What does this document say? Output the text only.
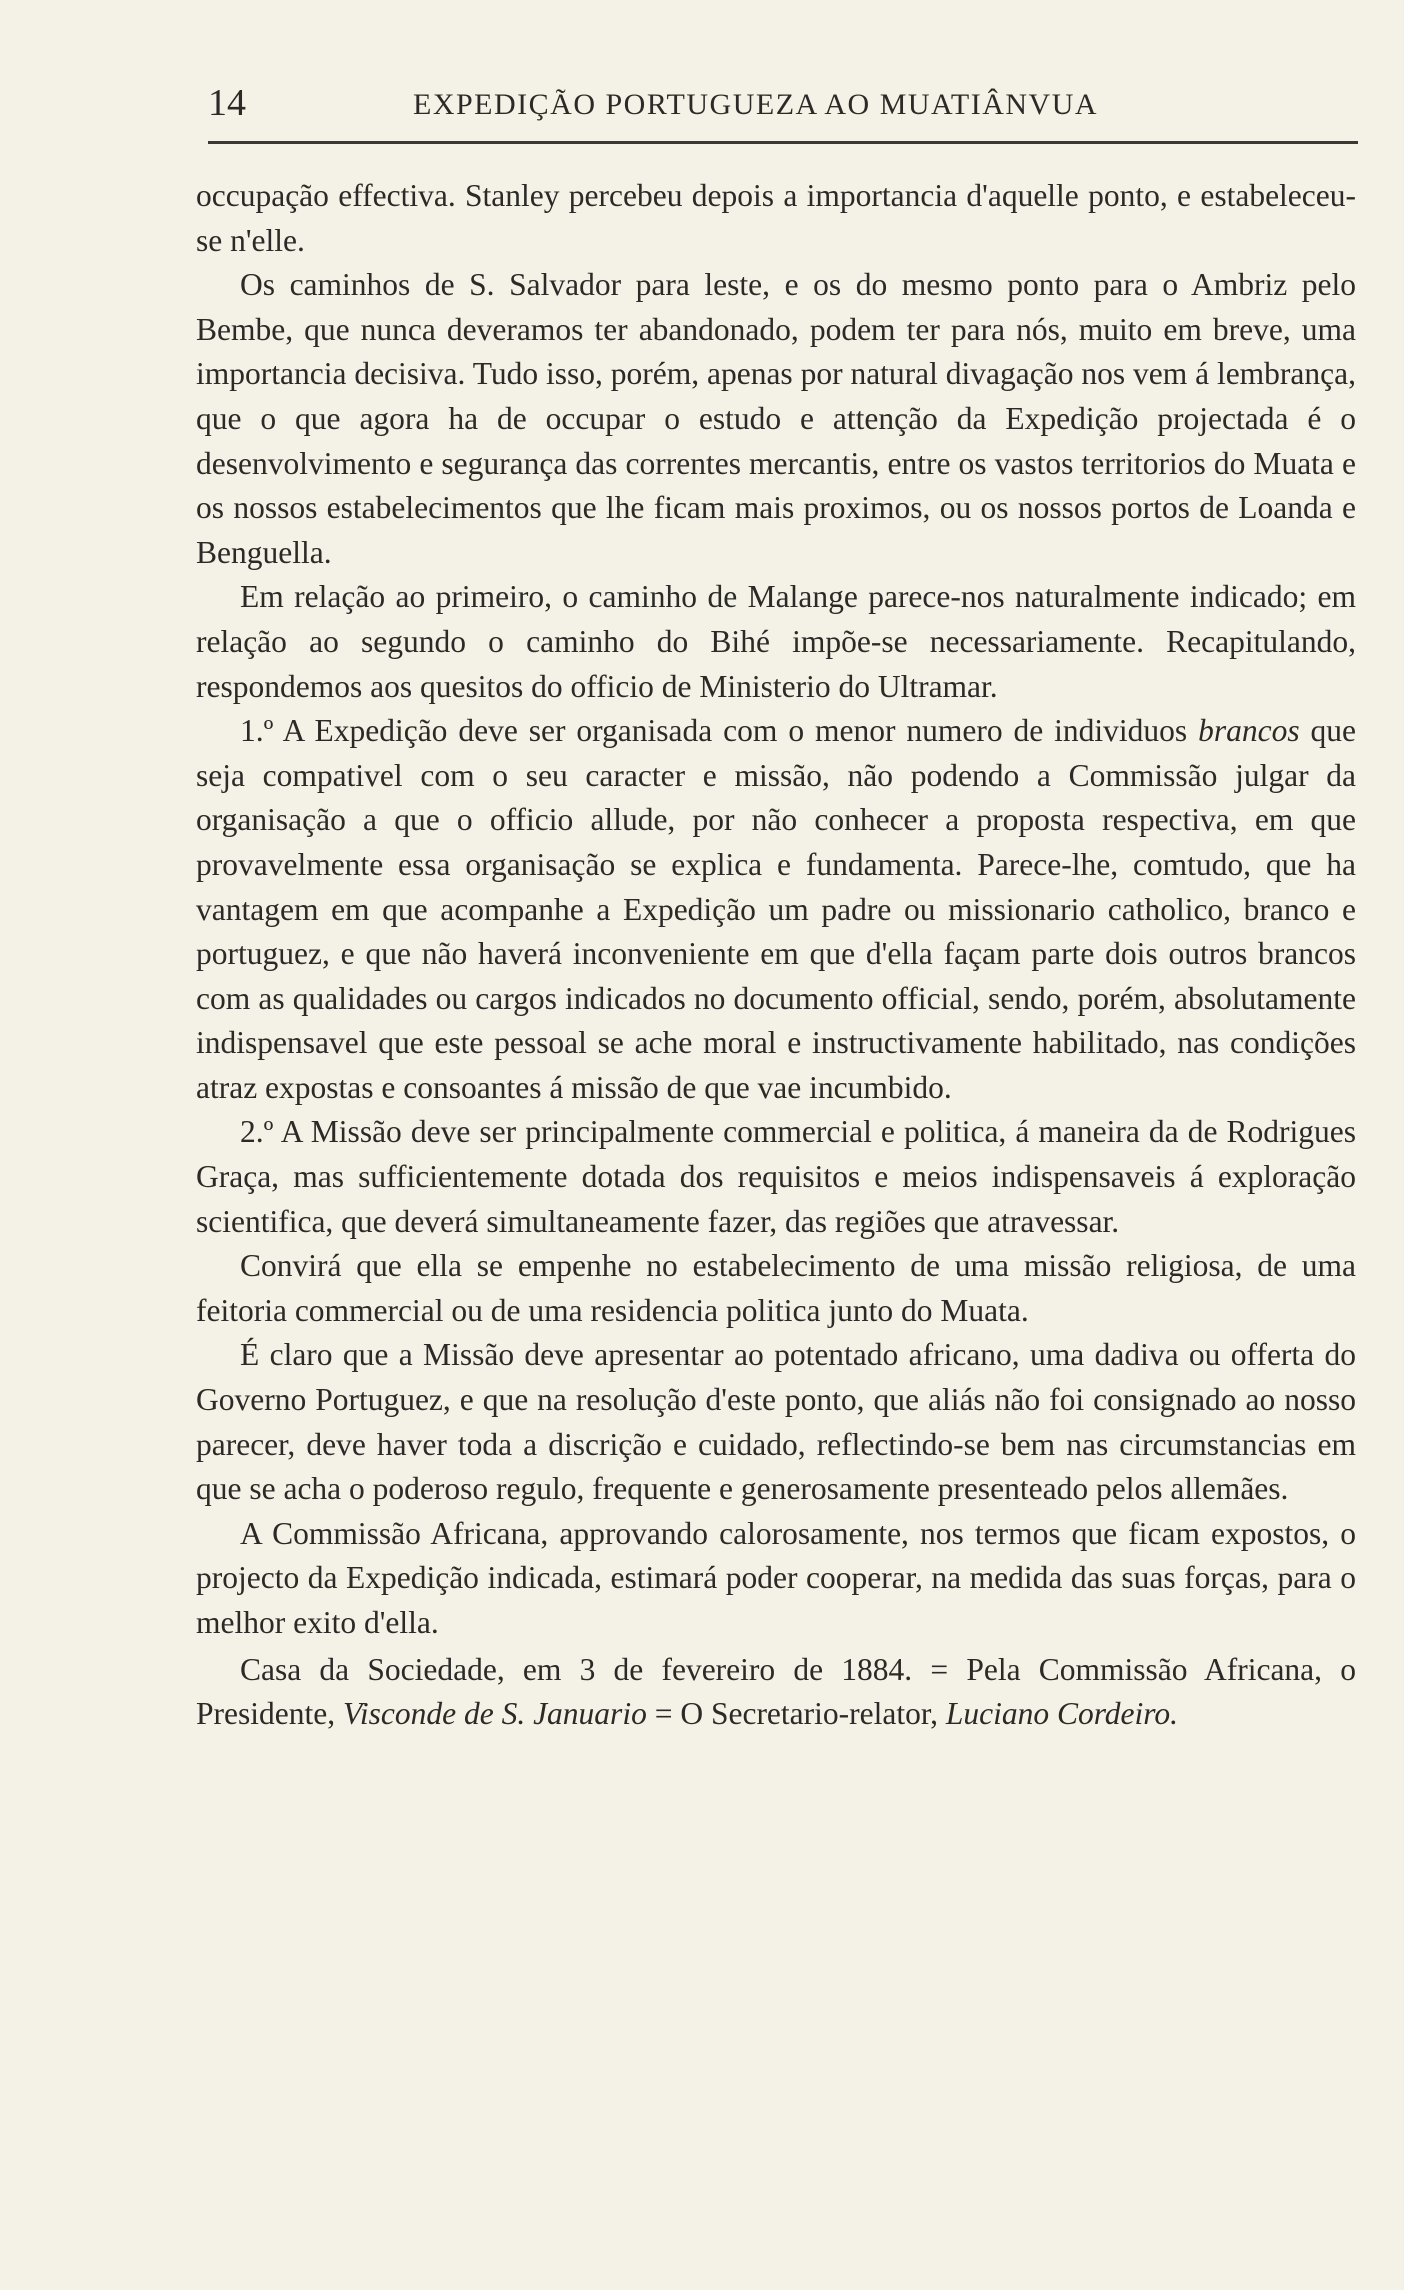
14	EXPEDIÇÃO PORTUGUEZA AO MUATIÂNVUA

occupação effectiva. Stanley percebeu depois a importancia d'aquelle ponto, e estabeleceu-se n'elle.

Os caminhos de S. Salvador para leste, e os do mesmo ponto para o Ambriz pelo Bembe, que nunca deveramos ter abandonado, podem ter para nós, muito em breve, uma importancia decisiva. Tudo isso, porém, apenas por natural divagação nos vem á lembrança, que o que agora ha de occupar o estudo e attenção da Expedição projectada é o desenvolvimento e segurança das correntes mercantis, entre os vastos territorios do Muata e os nossos estabelecimentos que lhe ficam mais proximos, ou os nossos portos de Loanda e Benguella.

Em relação ao primeiro, o caminho de Malange parece-nos naturalmente indicado; em relação ao segundo o caminho do Bihé impõe-se necessariamente. Recapitulando, respondemos aos quesitos do officio de Ministerio do Ultramar.

1.º A Expedição deve ser organisada com o menor numero de individuos brancos que seja compativel com o seu caracter e missão, não podendo a Commissão julgar da organisação a que o officio allude, por não conhecer a proposta respectiva, em que provavelmente essa organisação se explica e fundamenta. Parece-lhe, comtudo, que ha vantagem em que acompanhe a Expedição um padre ou missionario catholico, branco e portuguez, e que não haverá inconveniente em que d'ella façam parte dois outros brancos com as qualidades ou cargos indicados no documento official, sendo, porém, absolutamente indispensavel que este pessoal se ache moral e instructivamente habilitado, nas condições atraz expostas e consoantes á missão de que vae incumbido.

2.º A Missão deve ser principalmente commercial e politica, á maneira da de Rodrigues Graça, mas sufficientemente dotada dos requisitos e meios indispensaveis á exploração scientifica, que deverá simultaneamente fazer, das regiões que atravessar.

Convirá que ella se empenhe no estabelecimento de uma missão religiosa, de uma feitoria commercial ou de uma residencia politica junto do Muata.

É claro que a Missão deve apresentar ao potentado africano, uma dadiva ou offerta do Governo Portuguez, e que na resolução d'este ponto, que aliás não foi consignado ao nosso parecer, deve haver toda a discrição e cuidado, reflectindo-se bem nas circumstancias em que se acha o poderoso regulo, frequente e generosamente presenteado pelos allemães.

A Commissão Africana, approvando calorosamente, nos termos que ficam expostos, o projecto da Expedição indicada, estimará poder cooperar, na medida das suas forças, para o melhor exito d'ella.

Casa da Sociedade, em 3 de fevereiro de 1884. = Pela Commissão Africana, o Presidente, Visconde de S. Januario = O Secretario-relator, Luciano Cordeiro.
